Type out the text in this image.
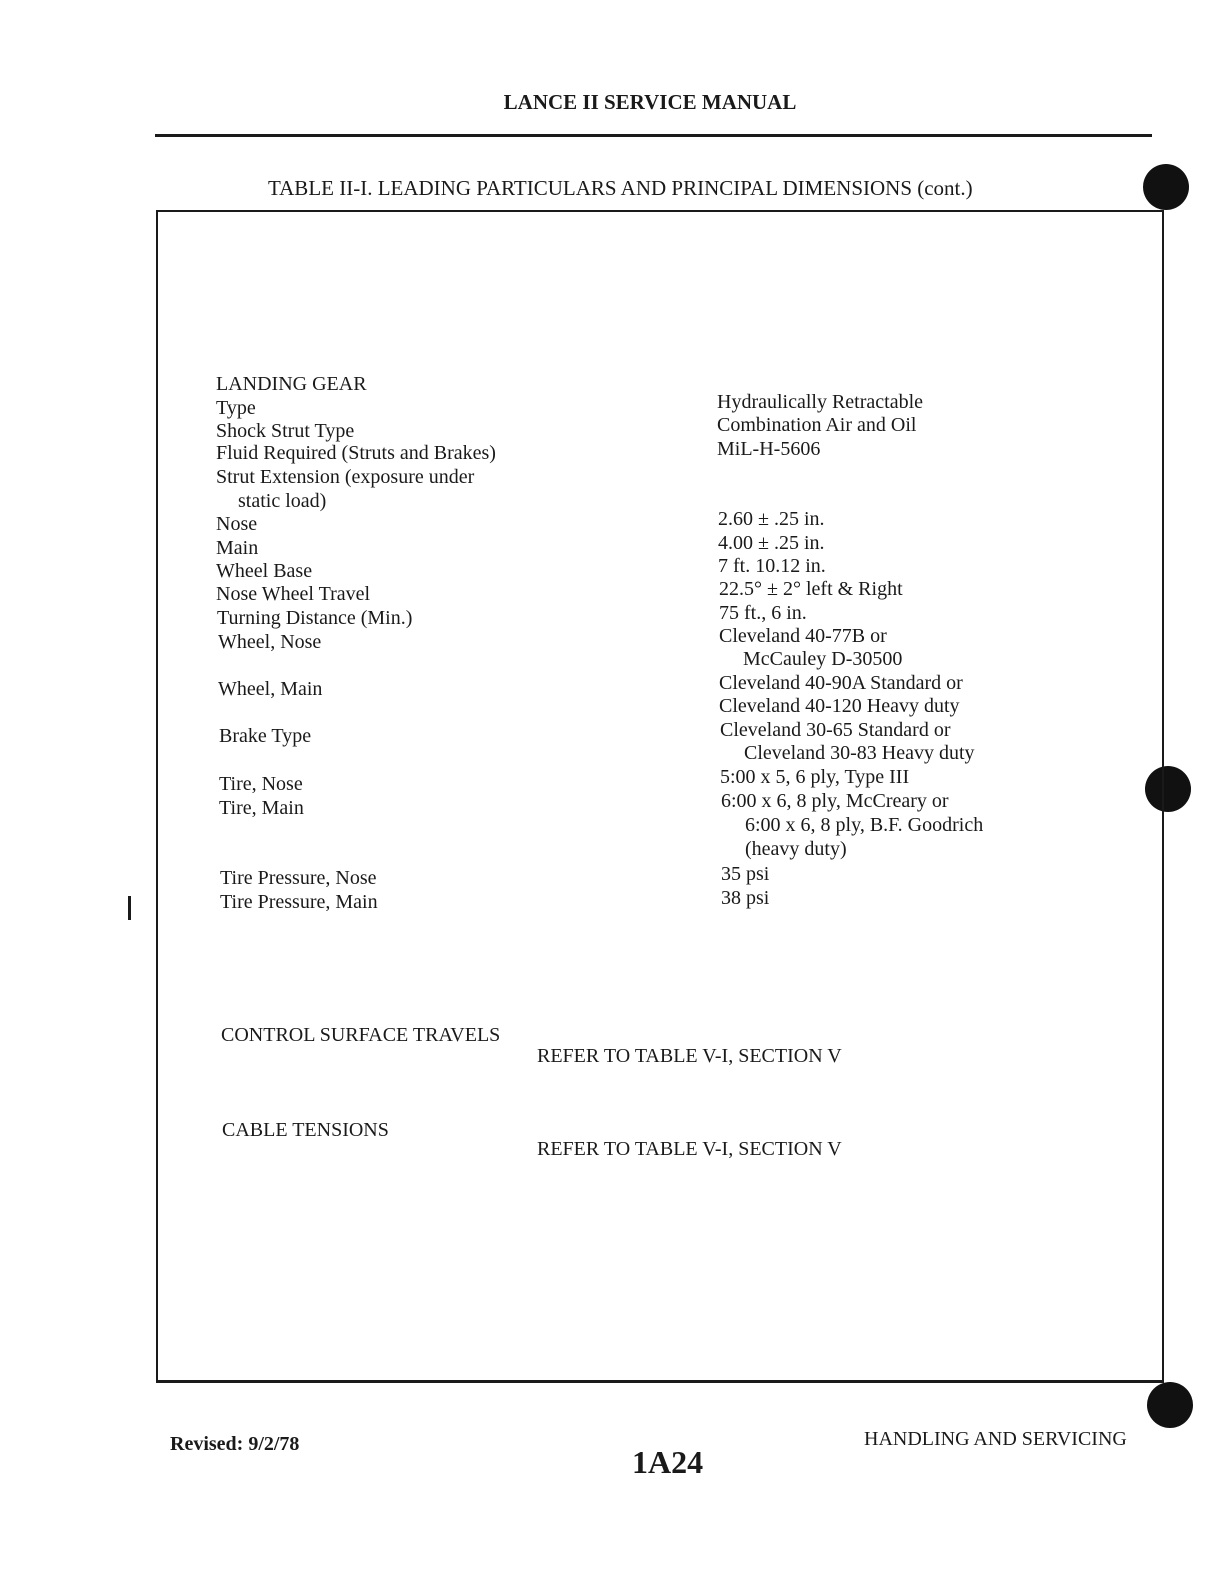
LANCE II SERVICE MANUAL
TABLE II-I. LEADING PARTICULARS AND PRINCIPAL DIMENSIONS (cont.)
LANDING GEAR
Type
Shock Strut Type
Fluid Required (Struts and Brakes)
Strut Extension (exposure under
static load)
Nose
Main
Wheel Base
Nose Wheel Travel
Turning Distance (Min.)
Wheel, Nose
Wheel, Main
Brake Type
Tire, Nose
Tire, Main
Tire Pressure, Nose
Tire Pressure, Main
Hydraulically Retractable
Combination Air and Oil
MiL-H-5606
2.60 ± .25 in.
4.00 ± .25 in.
7 ft. 10.12 in.
22.5° ± 2° left & Right
75 ft., 6 in.
Cleveland 40-77B or
McCauley D-30500
Cleveland 40-90A Standard or
Cleveland 40-120 Heavy duty
Cleveland 30-65 Standard or
Cleveland 30-83 Heavy duty
5:00 x 5, 6 ply, Type III
6:00 x 6, 8 ply, McCreary or
6:00 x 6, 8 ply, B.F. Goodrich
(heavy duty)
35 psi
38 psi
CONTROL SURFACE TRAVELS
REFER TO TABLE V-I, SECTION V
CABLE TENSIONS
REFER TO TABLE V-I, SECTION V
Revised: 9/2/78	1A24
HANDLING AND SERVICING
